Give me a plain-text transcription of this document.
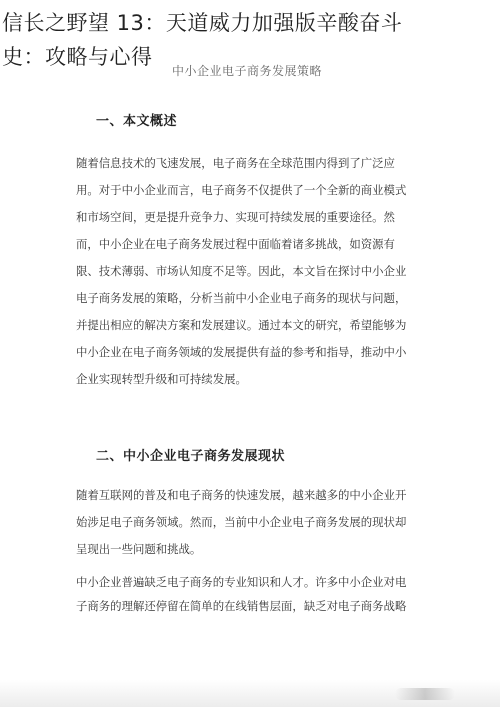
信长之野望 13：天道威力加强版辛酸奋斗
史：攻略与心得
中小企业电子商务发展策略
一、本文概述
随着信息技术的飞速发展，电子商务在全球范围内得到了广泛应
用。对于中小企业而言，电子商务不仅提供了一个全新的商业模式
和市场空间，更是提升竞争力、实现可持续发展的重要途径。然
而，中小企业在电子商务发展过程中面临着诸多挑战，如资源有
限、技术薄弱、市场认知度不足等。因此，本文旨在探讨中小企业
电子商务发展的策略，分析当前中小企业电子商务的现状与问题，
并提出相应的解决方案和发展建议。通过本文的研究，希望能够为
中小企业在电子商务领域的发展提供有益的参考和指导，推动中小
企业实现转型升级和可持续发展。
二、中小企业电子商务发展现状
随着互联网的普及和电子商务的快速发展，越来越多的中小企业开
始涉足电子商务领域。然而，当前中小企业电子商务发展的现状却
呈现出一些问题和挑战。
中小企业普遍缺乏电子商务的专业知识和人才。许多中小企业对电
子商务的理解还停留在简单的在线销售层面，缺乏对电子商务战略
